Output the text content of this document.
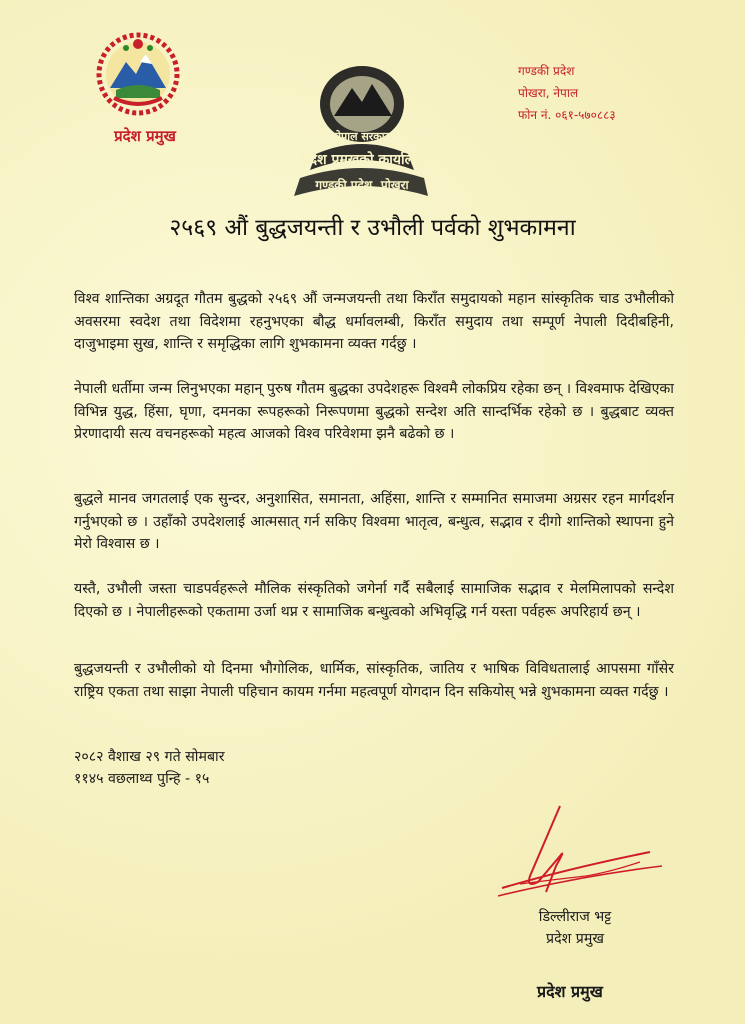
प्रदेश प्रमुख
गण्डकी प्रदेश
पोखरा, नेपाल
फोन नं. ०६१-५७०८८३
नेपाल सरकार
प्रदेश प्रमुखको कार्यालय
गण्डकी प्रदेश, पोखरा
२५६९ औं बुद्धजयन्ती र उभौली पर्वको शुभकामना
विश्व शान्तिका अग्रदूत गौतम बुद्धको २५६९ औं जन्मजयन्ती तथा किराँत समुदायको महान सांस्कृतिक चाड उभौलीको अवसरमा स्वदेश तथा विदेशमा रहनुभएका बौद्ध धर्मावलम्बी, किराँत समुदाय तथा सम्पूर्ण नेपाली दिदीबहिनी, दाजुभाइमा सुख, शान्ति र समृद्धिका लागि शुभकामना व्यक्त गर्दछु ।
नेपाली धर्तीमा जन्म लिनुभएका महान् पुरुष गौतम बुद्धका उपदेशहरू विश्वमै लोकप्रिय रहेका छन् । विश्वमाफ देखिएका विभिन्न युद्ध, हिंसा, घृणा, दमनका रूपहरूको निरूपणमा बुद्धको सन्देश अति सान्दर्भिक रहेको छ । बुद्धबाट व्यक्त प्रेरणादायी सत्य वचनहरूको महत्व आजको विश्व परिवेशमा झनै बढेको छ ।
बुद्धले मानव जगतलाई एक सुन्दर, अनुशासित, समानता, अहिंसा, शान्ति र सम्मानित समाजमा अग्रसर रहन मार्गदर्शन गर्नुभएको छ । उहाँको उपदेशलाई आत्मसात् गर्न सकिए विश्वमा भातृत्व, बन्धुत्व, सद्भाव र दीगो शान्तिको स्थापना हुने मेरो विश्वास छ ।
यस्तै, उभौली जस्ता चाडपर्वहरूले मौलिक संस्कृतिको जगेर्ना गर्दै सबैलाई सामाजिक सद्भाव र मेलमिलापको सन्देश दिएको छ । नेपालीहरूको एकतामा उर्जा थप्न र सामाजिक बन्धुत्वको अभिवृद्धि गर्न यस्ता पर्वहरू अपरिहार्य छन् ।
बुद्धजयन्ती र उभौलीको यो दिनमा भौगोलिक, धार्मिक, सांस्कृतिक, जातिय र भाषिक विविधतालाई आपसमा गाँसेर राष्ट्रिय एकता तथा साझा नेपाली पहिचान कायम गर्नमा महत्वपूर्ण योगदान दिन सकियोस् भन्ने शुभकामना व्यक्त गर्दछु ।
२०८२ वैशाख २९ गते सोमबार
११४५ वछलाथ्व पुन्हि - १५
डिल्लीराज भट्ट
प्रदेश प्रमुख
प्रदेश प्रमुख
